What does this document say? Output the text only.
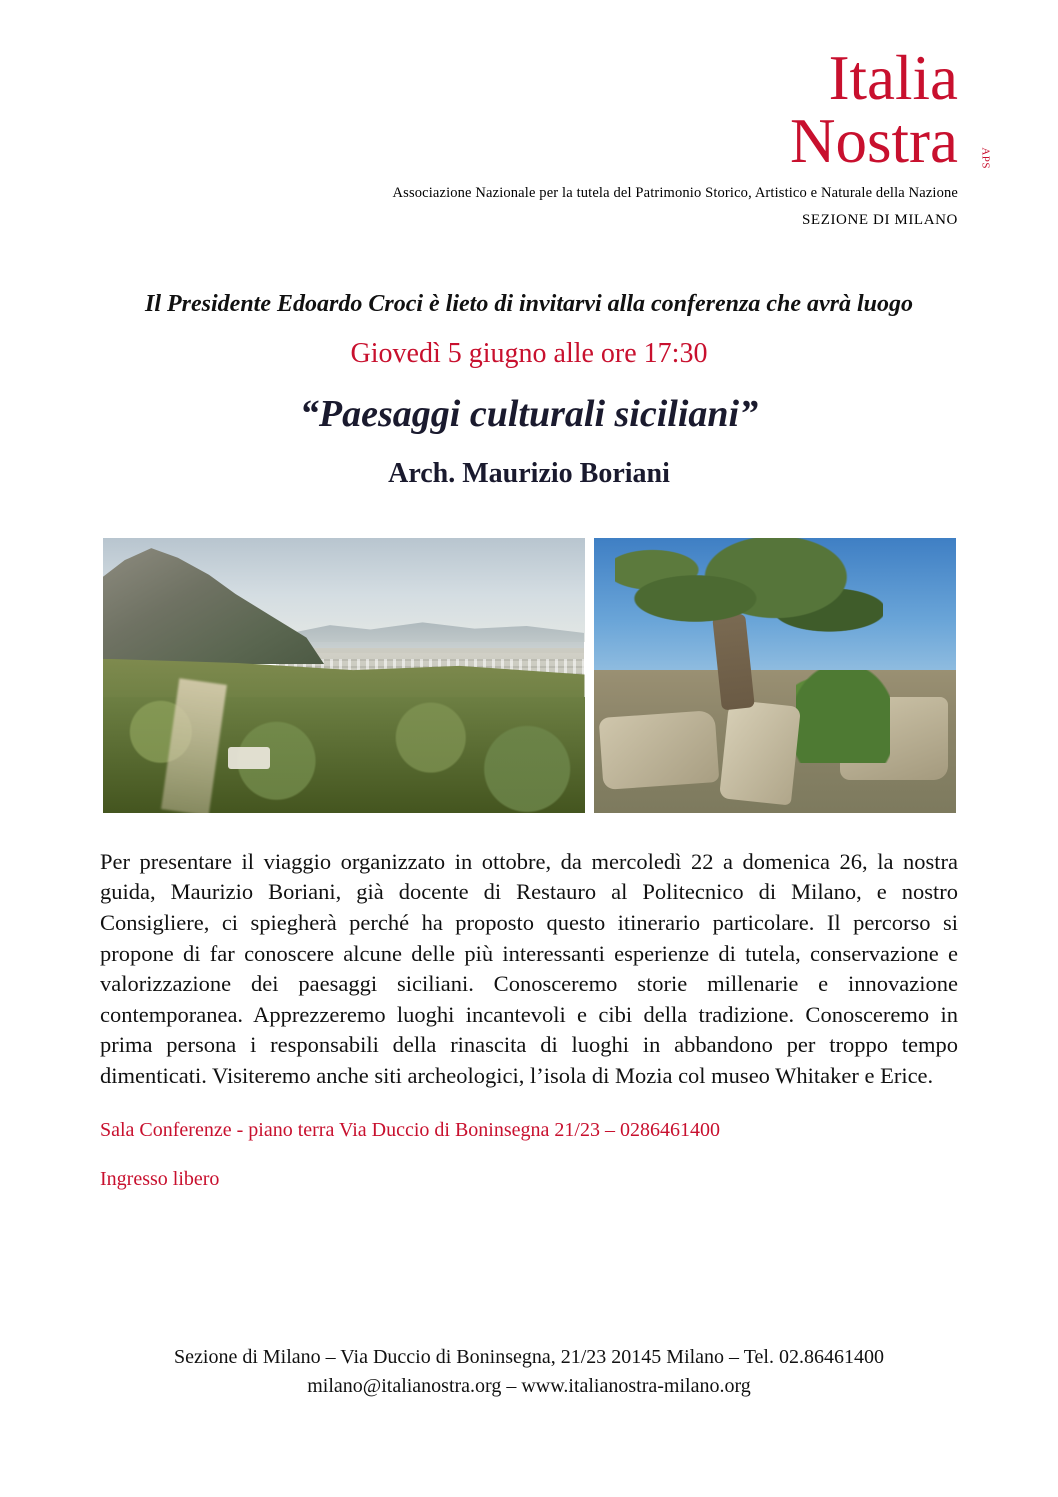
Italia
Nostra APS
Associazione Nazionale per la tutela del Patrimonio Storico, Artistico e Naturale della Nazione
SEZIONE DI MILANO
Il Presidente Edoardo Croci è lieto di invitarvi alla conferenza che avrà luogo
Giovedì 5 giugno alle ore 17:30
“Paesaggi culturali siciliani”
Arch. Maurizio Boriani
Per presentare il viaggio organizzato in ottobre, da mercoledì 22 a domenica 26, la nostra guida, Maurizio Boriani, già docente di Restauro al Politecnico di Milano, e nostro Consigliere, ci spiegherà perché ha proposto questo itinerario particolare. Il percorso si propone di far conoscere alcune delle più interessanti esperienze di tutela, conservazione e valorizzazione dei paesaggi siciliani. Conosceremo storie millenarie e innovazione contemporanea. Apprezzeremo luoghi incantevoli e cibi della tradizione. Conosceremo in prima persona i responsabili della rinascita di luoghi in abbandono per troppo tempo dimenticati. Visiteremo anche siti archeologici, l’isola di Mozia col museo Whitaker e Erice.
Sala Conferenze - piano terra Via Duccio di Boninsegna 21/23 – 0286461400
Ingresso libero
Sezione di Milano – Via Duccio di Boninsegna, 21/23 20145 Milano – Tel. 02.86461400
milano@italianostra.org – www.italianostra-milano.org
